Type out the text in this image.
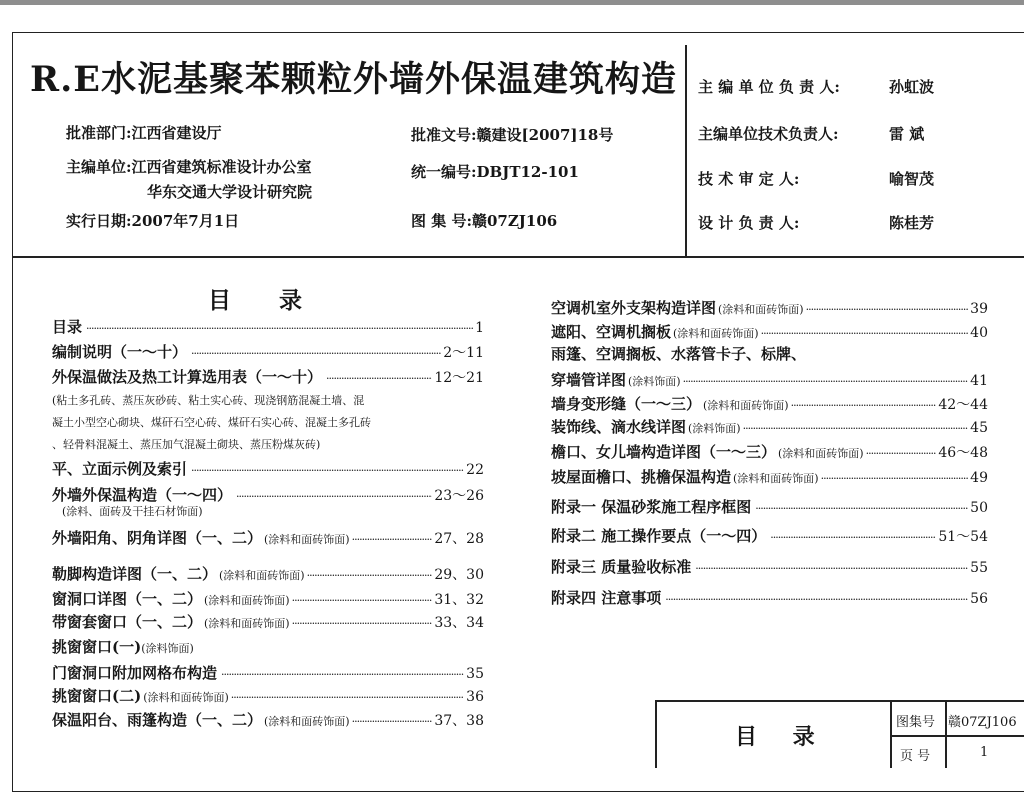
R.E水泥基聚苯颗粒外墙外保温建筑构造
批准部门:江西省建设厅	批准文号:赣建设[2007]18号
主编单位:江西省建筑标准设计办公室
华东交通大学设计研究院
统一编号:DBJT12-101
实行日期:2007年7月1日	图 集 号:赣07ZJ106
主 编 单 位 负 责 人:	孙虹波
主编单位技术负责人:	雷 斌
技 术 审 定 人:	喻智茂
设 计 负 责 人:	陈桂芳
目 录
目录 ·····	1
编制说明（一～十） ·····	2～11
外保温做法及热工计算选用表（一～十） ·····	12～21
(粘土多孔砖、蒸压灰砂砖、粘土实心砖、现浇钢筋混凝土墙、混
凝土小型空心砌块、煤矸石空心砖、煤矸石实心砖、混凝土多孔砖
、轻骨料混凝土、蒸压加气混凝土砌块、蒸压粉煤灰砖)
平、立面示例及索引 ·····	22
外墙外保温构造（一～四） ·····	23～26
(涂料、面砖及干挂石材饰面)
外墙阳角、阴角详图（一、二） (涂料和面砖饰面) ·····	27、28
勒脚构造详图（一、二） (涂料和面砖饰面) ·····	29、30
窗洞口详图（一、二） (涂料和面砖饰面) ·····	31、32
带窗套窗口（一、二） (涂料和面砖饰面) ·····	33、34
挑窗窗口(一)(涂料饰面)
门窗洞口附加网格布构造 ·····	35
挑窗窗口(二) (涂料和面砖饰面) ·····	36
保温阳台、雨篷构造（一、二） (涂料和面砖饰面) ·····	37、38
空调机室外支架构造详图 (涂料和面砖饰面) ·····	39
遮阳、空调机搁板 (涂料和面砖饰面) ·····	40
雨篷、空调搁板、水落管卡子、标牌、
穿墙管详图 (涂料饰面) ·····	41
墙身变形缝（一～三） (涂料和面砖饰面) ·····	42～44
装饰线、滴水线详图 (涂料饰面) ·····	45
檐口、女儿墙构造详图（一～三） (涂料和面砖饰面) ·····	46～48
坡屋面檐口、挑檐保温构造 (涂料和面砖饰面) ·····	49
附录一 保温砂浆施工程序框图 ·····	50
附录二 施工操作要点（一～四） ·····	51～54
附录三 质量验收标准 ·····	55
附录四 注意事项 ·····	56
目 录
图集号 赣07ZJ106
页 号	1
